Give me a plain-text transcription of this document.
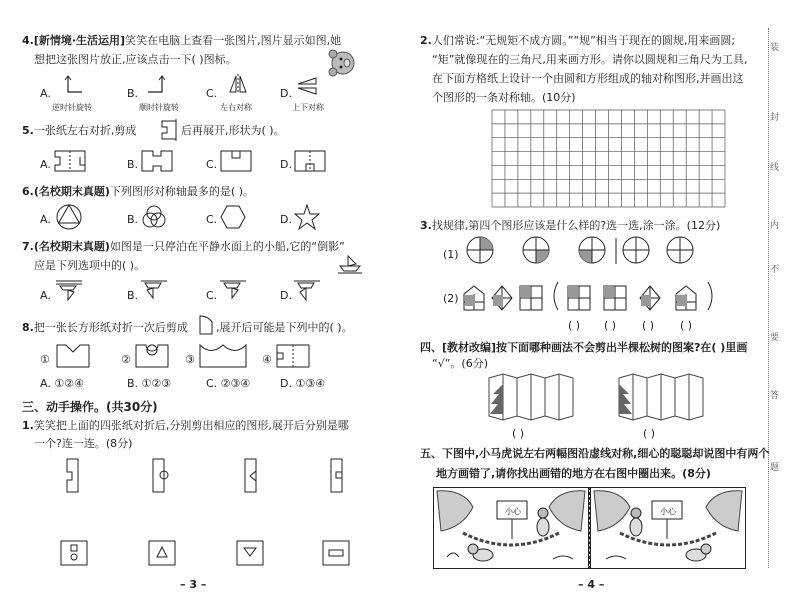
4.[新情境·生活运用]笑笑在电脑上查看一张图片,图片显示如图,她
想把这张图片放正,应该点击一下( )图标。
A.
逆时针旋转
B.
顺时针旋转
C.
左右对称
D.
上下对称
5.一张纸左右对折,剪成	后再展开,形状为( )。
A.	B.	C.	D.
6.(名校期末真题)下列图形对称轴最多的是( )。
A.	B.	C.	D.
7.(名校期末真题)如图是一只停泊在平静水面上的小船,它的“倒影”
应是下列选项中的( )。
A.	B.	C.	D.
8.把一张长方形纸对折一次后剪成	,展开后可能是下列中的( )。
①	②	③	④
A. ①②④	B. ①②③	C. ②③④	D. ①③④
三、动手操作。(共30分)
1.笑笑把上面的四张纸对折后,分别剪出相应的图形,展开后分别是哪
一个?连一连。(8分)
– 3 –
2.人们常说:“无规矩不成方圆。”“规”相当于现在的圆规,用来画圆;
“矩”就像现在的三角尺,用来画方形。请你以圆规和三角尺为工具,
在下面方格纸上设计一个由圆和方形组成的轴对称图形,并画出这
个图形的一条对称轴。(10分)
3.找规律,第四个图形应该是什么样的?选一选,涂一涂。(12分)
(1)
(2)
( ) ( ) ( ) ( )
四、[教材改编]按下面哪种画法不会剪出半棵松树的图案?在( )里画
“√”。(6分)
( )	( )
五、下图中,小马虎说左右两幅图沿虚线对称,细心的聪聪却说图中有两个
地方画错了,请你找出画错的地方在右图中圈出来。(8分)
小心	小心
– 4 –
装
封
线
内
不
要
答
题
